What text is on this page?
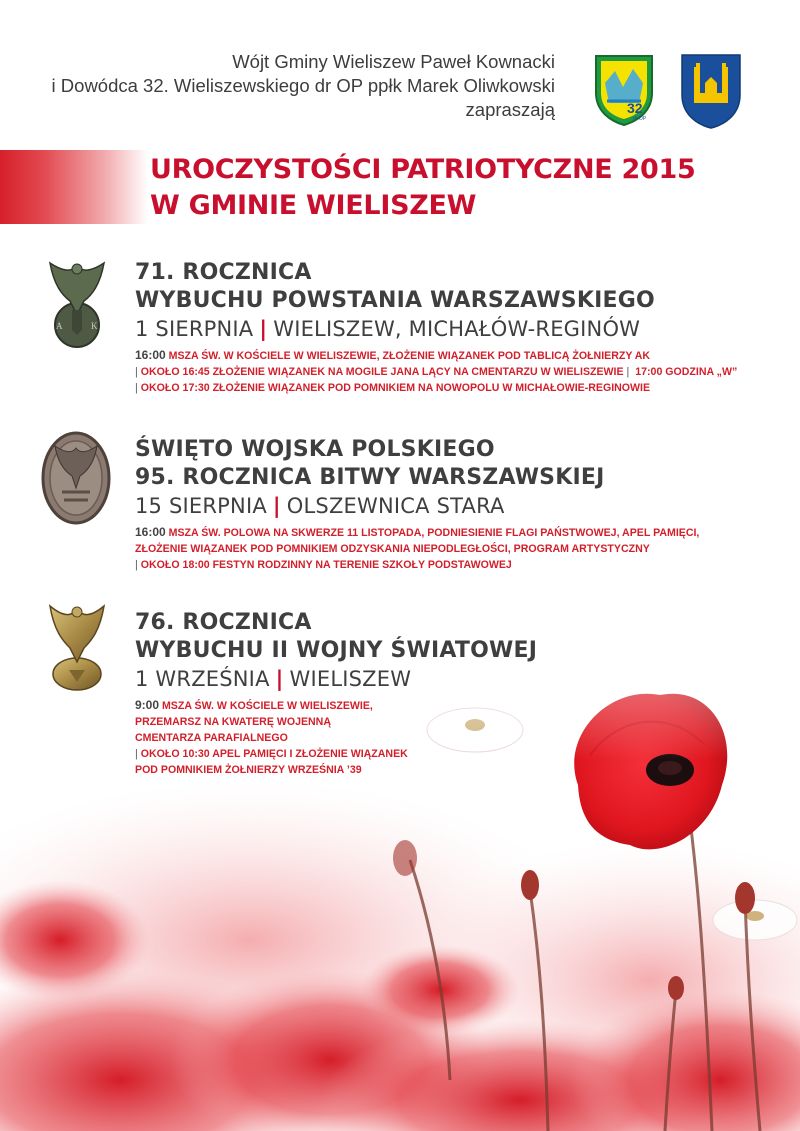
Wójt Gminy Wieliszew Paweł Kownacki
i Dowódca 32. Wieliszewskiego dr OP ppłk Marek Oliwkowski
zapraszają	32
dr OP
UROCZYSTOŚCI PATRIOTYCZNE 2015
W GMINIE WIELISZEW
A	K
71. ROCZNICA
WYBUCHU POWSTANIA WARSZAWSKIEGO
1 SIERPNIA | WIELISZEW, MICHAŁÓW-REGINÓW
16:00 MSZA ŚW. W KOŚCIELE W WIELISZEWIE, ZŁOŻENIE WIĄZANEK POD TABLICĄ ŻOŁNIERZY AK
| OKOŁO 16:45 ZŁOŻENIE WIĄZANEK NA MOGILE JANA LĄCY NA CMENTARZU W WIELISZEWIE | 17:00 GODZINA „W”
| OKOŁO 17:30 ZŁOŻENIE WIĄZANEK POD POMNIKIEM NA NOWOPOLU W MICHAŁOWIE-REGINOWIE
ŚWIĘTO WOJSKA POLSKIEGO
95. ROCZNICA BITWY WARSZAWSKIEJ
15 SIERPNIA | OLSZEWNICA STARA
16:00 MSZA ŚW. POLOWA NA SKWERZE 11 LISTOPADA, PODNIESIENIE FLAGI PAŃSTWOWEJ, APEL PAMIĘCI,
ZŁOŻENIE WIĄZANEK POD POMNIKIEM ODZYSKANIA NIEPODLEGŁOŚCI, PROGRAM ARTYSTYCZNY
| OKOŁO 18:00 FESTYN RODZINNY NA TERENIE SZKOŁY PODSTAWOWEJ
76. ROCZNICA
WYBUCHU II WOJNY ŚWIATOWEJ
1 WRZEŚNIA | WIELISZEW
9:00 MSZA ŚW. W KOŚCIELE W WIELISZEWIE,
PRZEMARSZ NA KWATERĘ WOJENNĄ
CMENTARZA PARAFIALNEGO
| OKOŁO 10:30 APEL PAMIĘCI I ZŁOŻENIE WIĄZANEK
POD POMNIKIEM ŻOŁNIERZY WRZEŚNIA ’39
